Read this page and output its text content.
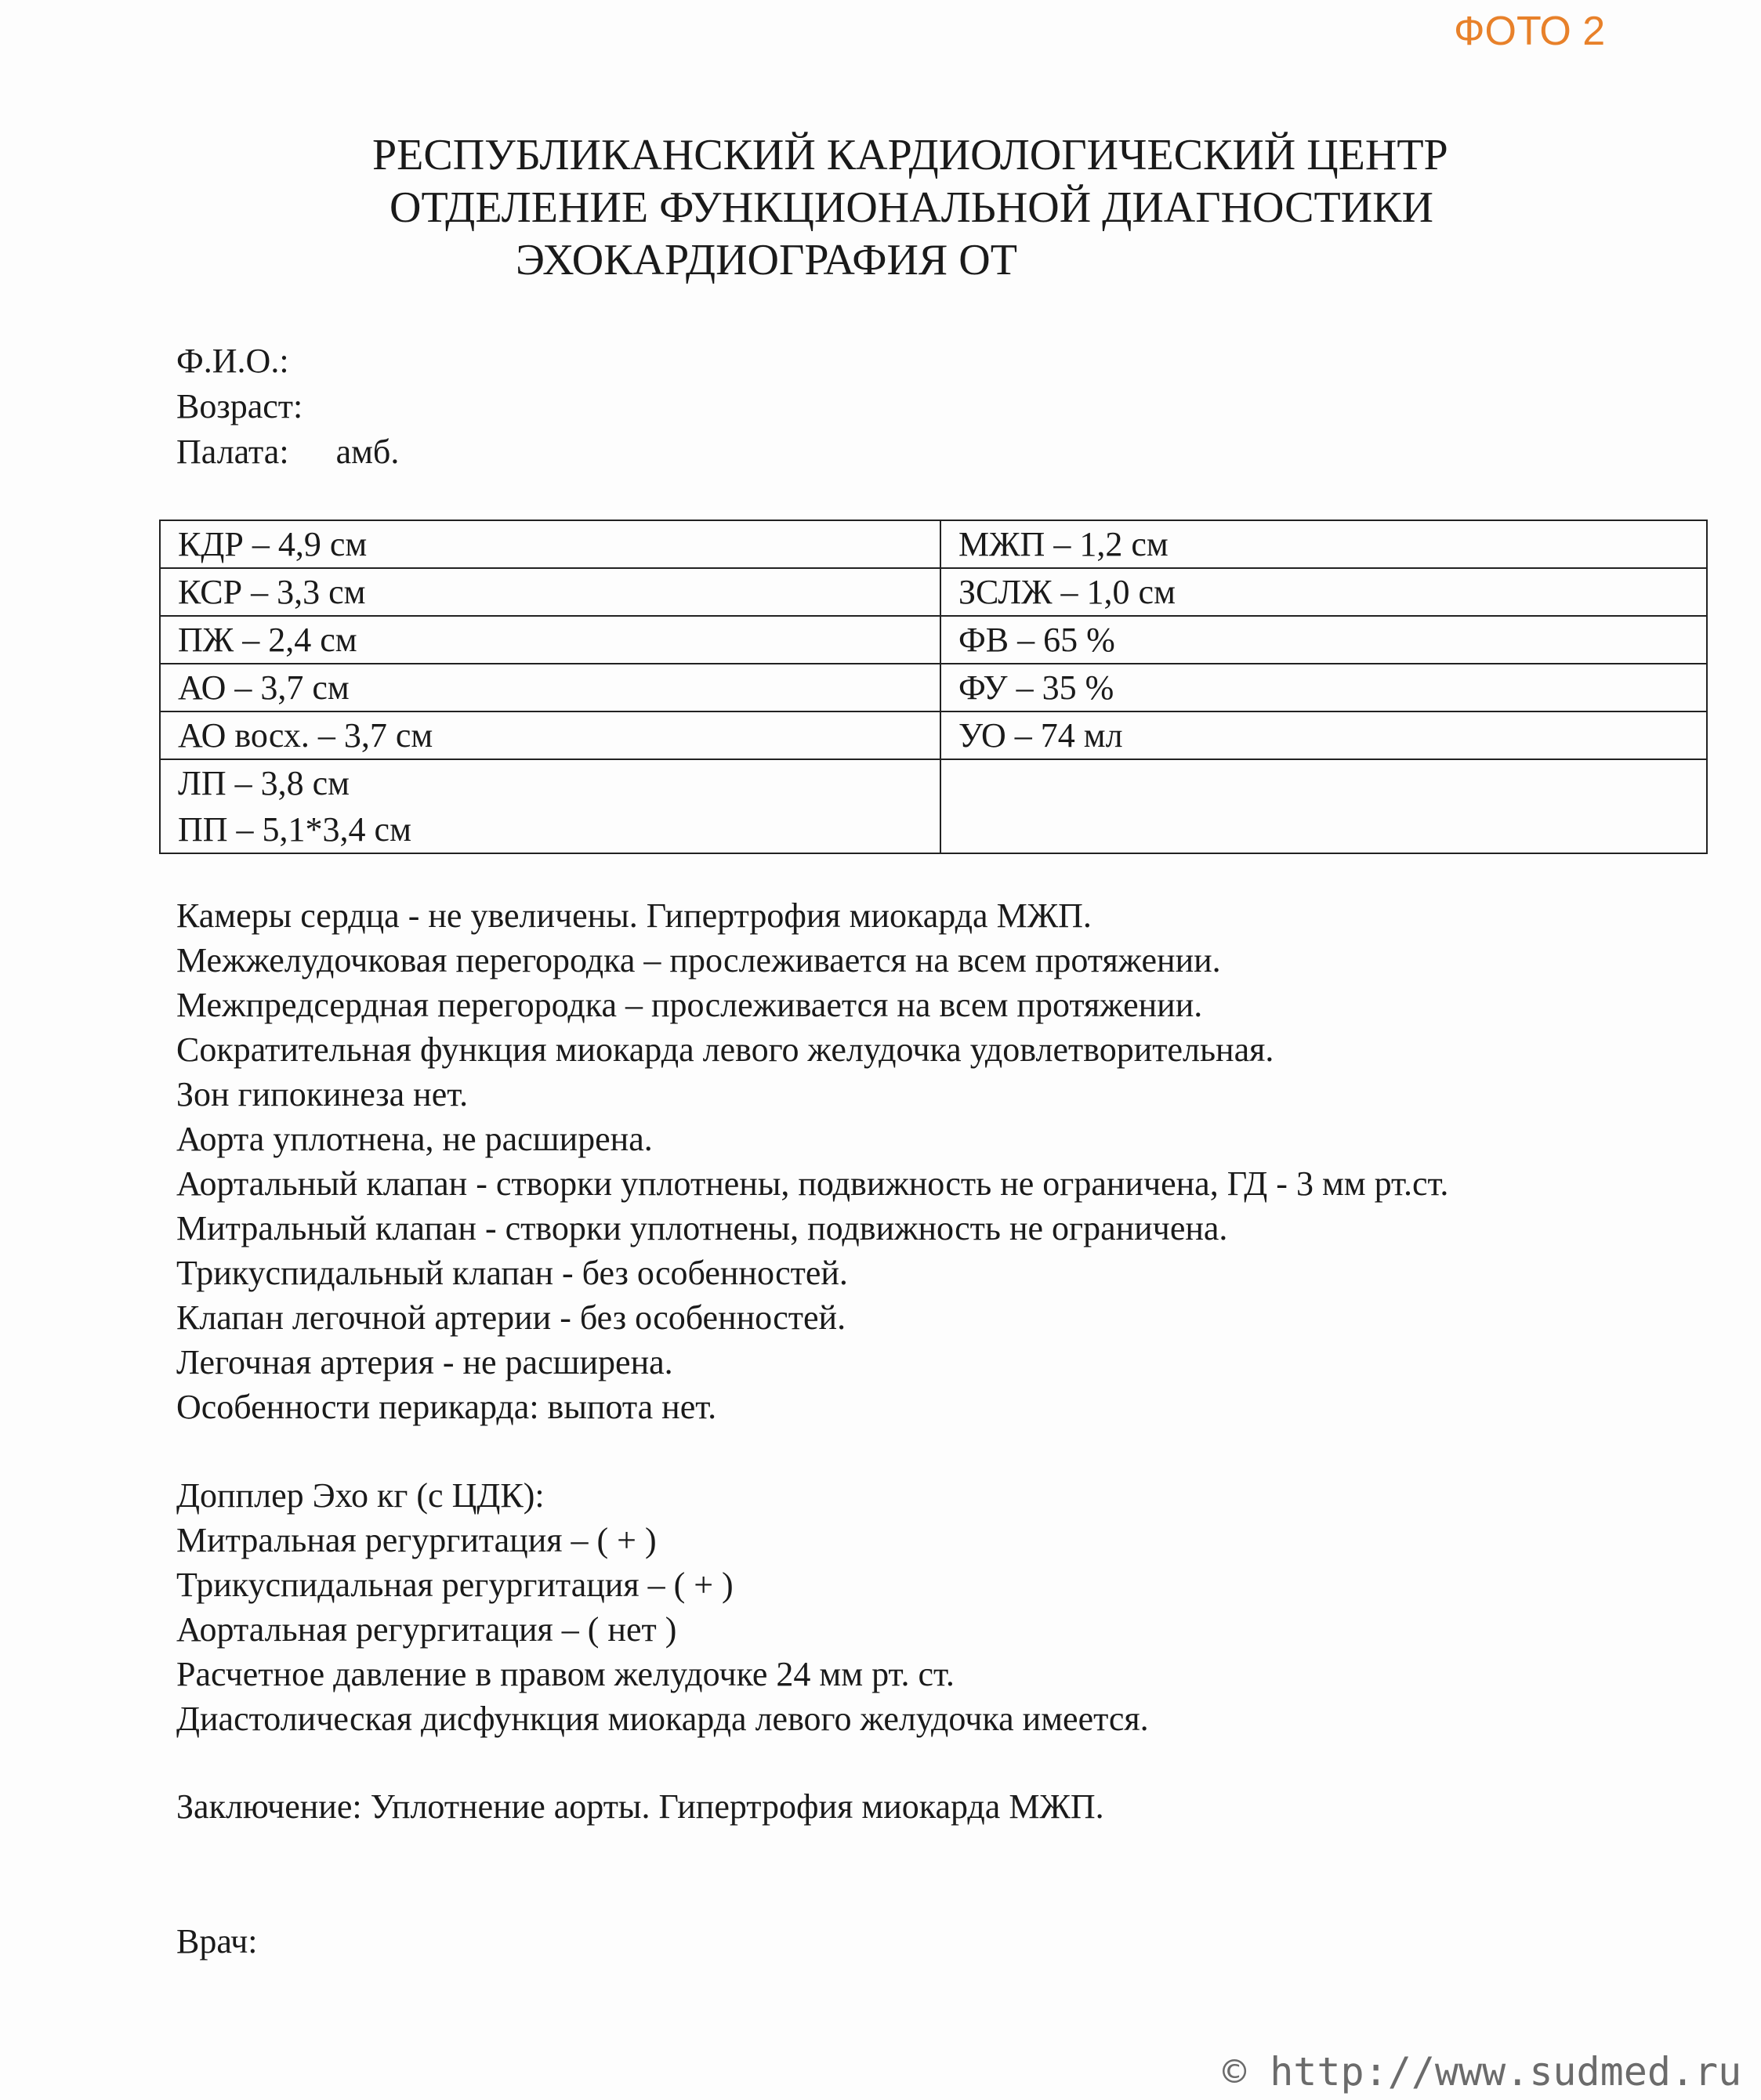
ФОТО 2
РЕСПУБЛИКАНСКИЙ КАРДИОЛОГИЧЕСКИЙ ЦЕНТР
ОТДЕЛЕНИЕ ФУНКЦИОНАЛЬНОЙ ДИАГНОСТИКИ
ЭХОКАРДИОГРАФИЯ ОТ
Ф.И.О.:
Возраст:
Палата: амб.
КДР – 4,9 см	МЖП – 1,2 см
КСР – 3,3 см	ЗСЛЖ – 1,0 см
ПЖ – 2,4 см	ФВ – 65 %
АО – 3,7 см	ФУ – 35 %
АО восх. – 3,7 см	УО – 74 мл

ЛП – 3,8 см
ПП – 5,1*3,4 см	

Камеры сердца - не увеличены. Гипертрофия миокарда МЖП.
Межжелудочковая перегородка – прослеживается на всем протяжении.
Межпредсердная перегородка – прослеживается на всем протяжении.
Сократительная функция миокарда левого желудочка удовлетворительная.
Зон гипокинеза нет.
Аорта уплотнена, не расширена.
Аортальный клапан - створки уплотнены, подвижность не ограничена, ГД - 3 мм рт.ст.
Митральный клапан - створки уплотнены, подвижность не ограничена.
Трикуспидальный клапан - без особенностей.
Клапан легочной артерии - без особенностей.
Легочная артерия - не расширена.
Особенности перикарда: выпота нет.
Допплер Эхо кг (с ЦДК):
Митральная регургитация – ( + )
Трикуспидальная регургитация – ( + )
Аортальная регургитация – ( нет )
Расчетное давление в правом желудочке 24 мм рт. ст.
Диастолическая дисфункция миокарда левого желудочка имеется.
Заключение: Уплотнение аорты. Гипертрофия миокарда МЖП.
Врач:
© http://www.sudmed.ru
